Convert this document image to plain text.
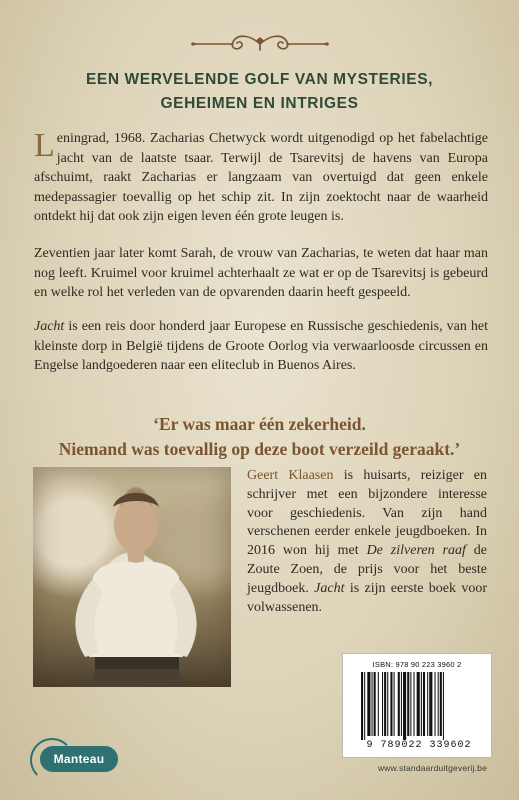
EEN WERVELENDE GOLF VAN MYSTERIES,
GEHEIMEN EN INTRIGES
Leningrad, 1968. Zacharias Chetwyck wordt uitgenodigd op het fabelachtige jacht van de laatste tsaar. Terwijl de Tsarevitsj de havens van Europa afschuimt, raakt Zacharias er langzaam van overtuigd dat geen enkele medepassagier toevallig op het schip zit. In zijn zoektocht naar de waarheid ontdekt hij dat ook zijn eigen leven één grote leugen is.
Zeventien jaar later komt Sarah, de vrouw van Zacharias, te weten dat haar man nog leeft. Kruimel voor kruimel achterhaalt ze wat er op de Tsarevitsj is gebeurd en welke rol het verleden van de opvarenden daarin heeft gespeeld.
Jacht is een reis door honderd jaar Europese en Russische geschiedenis, van het kleinste dorp in België tijdens de Groote Oorlog via verwaarloosde circussen en Engelse landgoederen naar een eliteclub in Buenos Aires.
‘Er was maar één zekerheid.
Niemand was toevallig op deze boot verzeild geraakt.’
Geert Klaasen is huisarts, reiziger en schrijver met een bijzondere interesse voor geschiedenis. Van zijn hand verschenen eerder enkele jeugdboeken. In 2016 won hij met De zilveren raaf de Zoute Zoen, de prijs voor het beste jeugdboek. Jacht is zijn eerste boek voor volwassenen.
ISBN: 978 90 223 3960 2
9 789022 339602
Manteau
www.standaarduitgeverij.be
